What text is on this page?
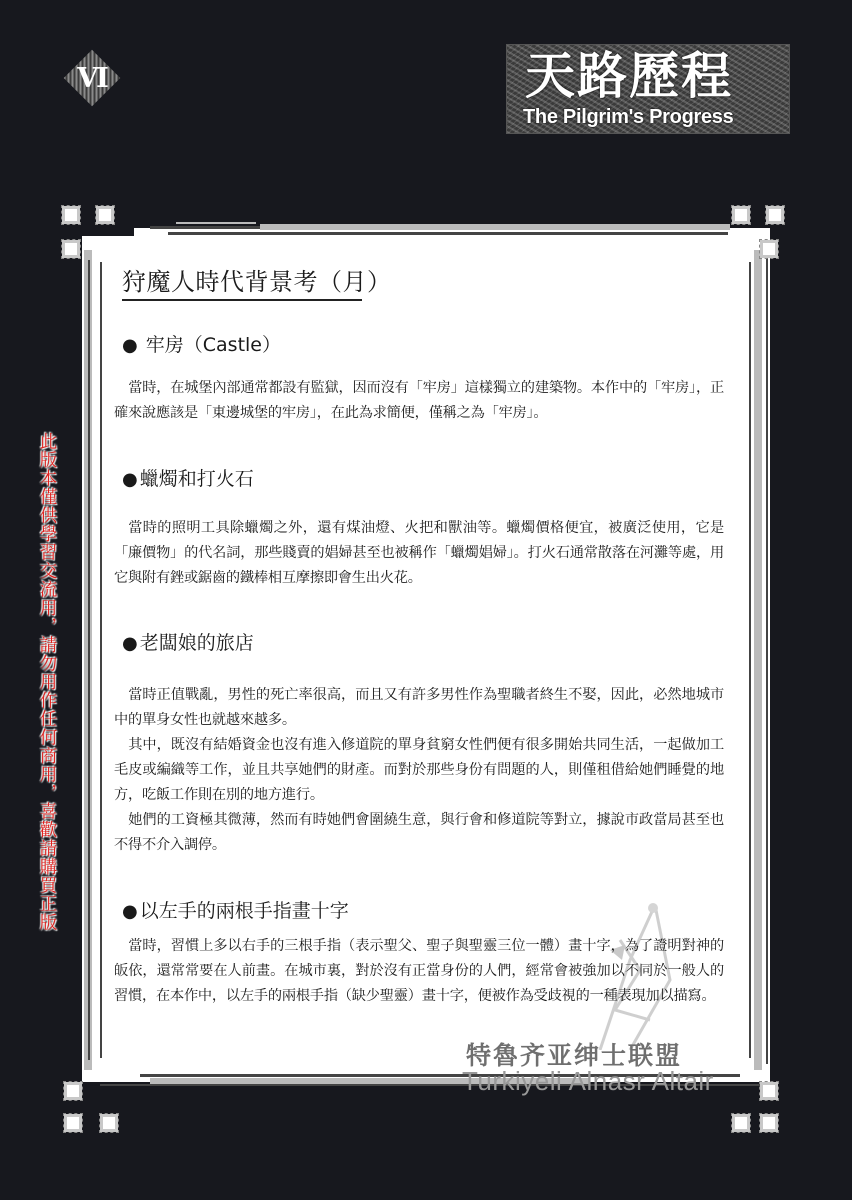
VI	天路歷程
The Pilgrim's Progress
狩魔人時代背景考（月）
● 牢房（Castle）

當時，在城堡內部通常都設有監獄，因而沒有「牢房」這樣獨立的建築物。本作中的「牢房」，正確來說應該是「東邊城堡的牢房」，在此為求簡便，僅稱之為「牢房」。

● 蠟燭和打火石

當時的照明工具除蠟燭之外，還有煤油燈、火把和獸油等。蠟燭價格便宜，被廣泛使用，它是「廉價物」的代名詞，那些賤賣的娼婦甚至也被稱作「蠟燭娼婦」。打火石通常散落在河灘等處，用它與附有銼或鋸齒的鐵棒相互摩擦即會生出火花。

● 老闆娘的旅店

當時正值戰亂，男性的死亡率很高，而且又有許多男性作為聖職者終生不娶，因此，必然地城市中的單身女性也就越來越多。

其中，既沒有結婚資金也沒有進入修道院的單身貧窮女性們便有很多開始共同生活，一起做加工毛皮或編織等工作，並且共享她們的財產。而對於那些身份有問題的人，則僅租借給她們睡覺的地方，吃飯工作則在別的地方進行。

她們的工資極其微薄，然而有時她們會圍繞生意，與行會和修道院等對立，據說市政當局甚至也不得不介入調停。

● 以左手的兩根手指畫十字

當時，習慣上多以右手的三根手指（表示聖父、聖子與聖靈三位一體）畫十字，為了證明對神的皈依，還常常要在人前畫。在城市裏，對於沒有正當身份的人們，經常會被強加以不同於一般人的習慣，在本作中，以左手的兩根手指（缺少聖靈）畫十字，便被作為受歧視的一種表現加以描寫。

此版本僅供學習交流用，請勿用作任何商用，喜歡請購買正版
特魯齐亚绅士联盟
Turkiyeli Alnasr Altair
